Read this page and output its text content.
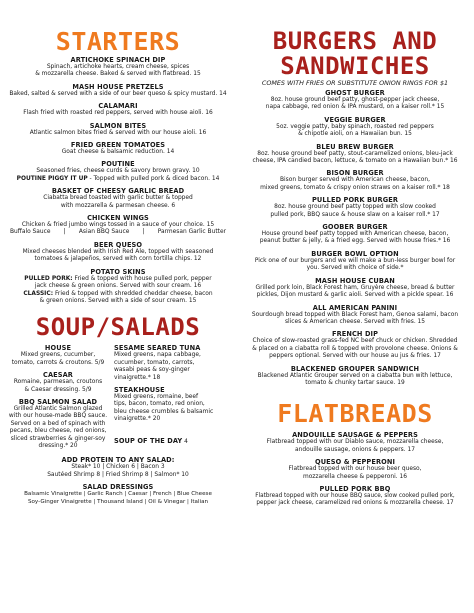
STARTERS
ARTICHOKE SPINACH DIP
Spinach, artichoke hearts, cream cheese, spices
& mozzarella cheese. Baked & served with flatbread. 15
MASH HOUSE PRETZELS
Baked, salted & served with a side of our beer queso & spicy mustard. 14
CALAMARI
Flash fried with roasted red peppers, served with house aioli. 16
SALMON BITES
Atlantic salmon bites fried & served with our house aioli. 16
FRIED GREEN TOMATOES
Goat cheese & balsamic reduction. 14
POUTINE
Seasoned fries, cheese curds & savory brown gravy. 10
POUTINE PIGGY IT UP - Topped with pulled pork & diced bacon. 14
BASKET OF CHEESY GARLIC BREAD
Ciabatta bread toasted with garlic butter & topped
with mozzarella & parmesan cheese. 6
CHICKEN WINGS
Chicken & fried jumbo wings tossed in a sauce of your choice. 15
Buffalo Sauce | Asian BBQ Sauce | Parmesan Garlic Butter
BEER QUESO
Mixed cheeses blended with Irish Red Ale, topped with seasoned
tomatoes & jalapeños, served with corn tortilla chips. 12
POTATO SKINS
PULLED PORK: Fried & topped with house pulled pork, pepper
jack cheese & green onions. Served with sour cream. 16
CLASSIC: Fried & topped with shredded cheddar cheese, bacon
& green onions. Served with a side of sour cream. 15
SOUP/SALADS
HOUSE
Mixed greens, cucumber,
tomato, carrots & croutons. 5/9
CAESAR
Romaine, parmesan, croutons
& Caesar dressing. 5/9
BBQ SALMON SALAD
Grilled Atlantic Salmon glazed
with our house-made BBQ sauce.
Served on a bed of spinach with
pecans, bleu cheese, red onions,
sliced strawberries & ginger-soy
dressing.* 20
SESAME SEARED TUNA
Mixed greens, napa cabbage,
cucumber, tomato, carrots,
wasabi peas & soy-ginger
vinaigrette.* 18
STEAKHOUSE
Mixed greens, romaine, beef
tips, bacon, tomato, red onion,
bleu cheese crumbles & balsamic
vinaigrette.* 20
SOUP OF THE DAY 4
ADD PROTEIN TO ANY SALAD:
Steak* 10 | Chicken 6 | Bacon 3
Sautéed Shrimp 8 | Fried Shrimp 8 | Salmon* 10
SALAD DRESSINGS
Balsamic Vinaigrette | Garlic Ranch | Caesar | French | Blue Cheese
Soy-Ginger Vinaigrette | Thousand Island | Oil & Vinegar | Italian
BURGERS AND
SANDWICHES
COMES WITH FRIES OR SUBSTITUTE ONION RINGS FOR $1
GHOST BURGER
8oz. house ground beef patty, ghost-pepper jack cheese,
napa cabbage, red onion & IPA mustard, on a kaiser roll.* 15
VEGGIE BURGER
5oz. veggie patty, baby spinach, roasted red peppers
& chipotle aioli, on a Hawaiian bun. 15
BLEU BREW BURGER
8oz. house ground beef patty, stout-caramelized onions, bleu-jack
cheese, IPA candied bacon, lettuce, & tomato on a Hawaiian bun.* 16
BISON BURGER
Bison burger served with American cheese, bacon,
mixed greens, tomato & crispy onion straws on a kaiser roll.* 18
PULLED PORK BURGER
8oz. house ground beef patty topped with slow cooked
pulled pork, BBQ sauce & house slaw on a kaiser roll.* 17
GOOBER BURGER
House ground beef patty topped with American cheese, bacon,
peanut butter & jelly, & a fried egg. Served with house fries.* 16
BURGER BOWL OPTION
Pick one of our burgers and we will make a bun-less burger bowl for
you. Served with choice of side.*
MASH HOUSE CUBAN
Grilled pork loin, Black Forest ham, Gruyère cheese, bread & butter
pickles, Dijon mustard & garlic aioli. Served with a pickle spear. 16
ALL AMERICAN PANINI
Sourdough bread topped with Black Forest ham, Genoa salami, bacon
slices & American cheese. Served with fries. 15
FRENCH DIP
Choice of slow-roasted grass-fed NC beef chuck or chicken. Shredded
& placed on a ciabatta roll & topped with provolone cheese. Onions &
peppers optional. Served with our house au jus & fries. 17
BLACKENED GROUPER SANDWICH
Blackened Atlantic Grouper served on a ciabatta bun with lettuce,
tomato & chunky tartar sauce. 19
FLATBREADS
ANDOUILLE SAUSAGE & PEPPERS
Flatbread topped with our Diablo sauce, mozzarella cheese,
andouille sausage, onions & peppers. 17
QUESO & PEPPERONI
Flatbread topped with our house beer queso,
mozzarella cheese & pepperoni. 16
PULLED PORK BBQ
Flatbread topped with our house BBQ sauce, slow cooked pulled pork,
pepper jack cheese, caramelized red onions & mozzarella cheese. 17
